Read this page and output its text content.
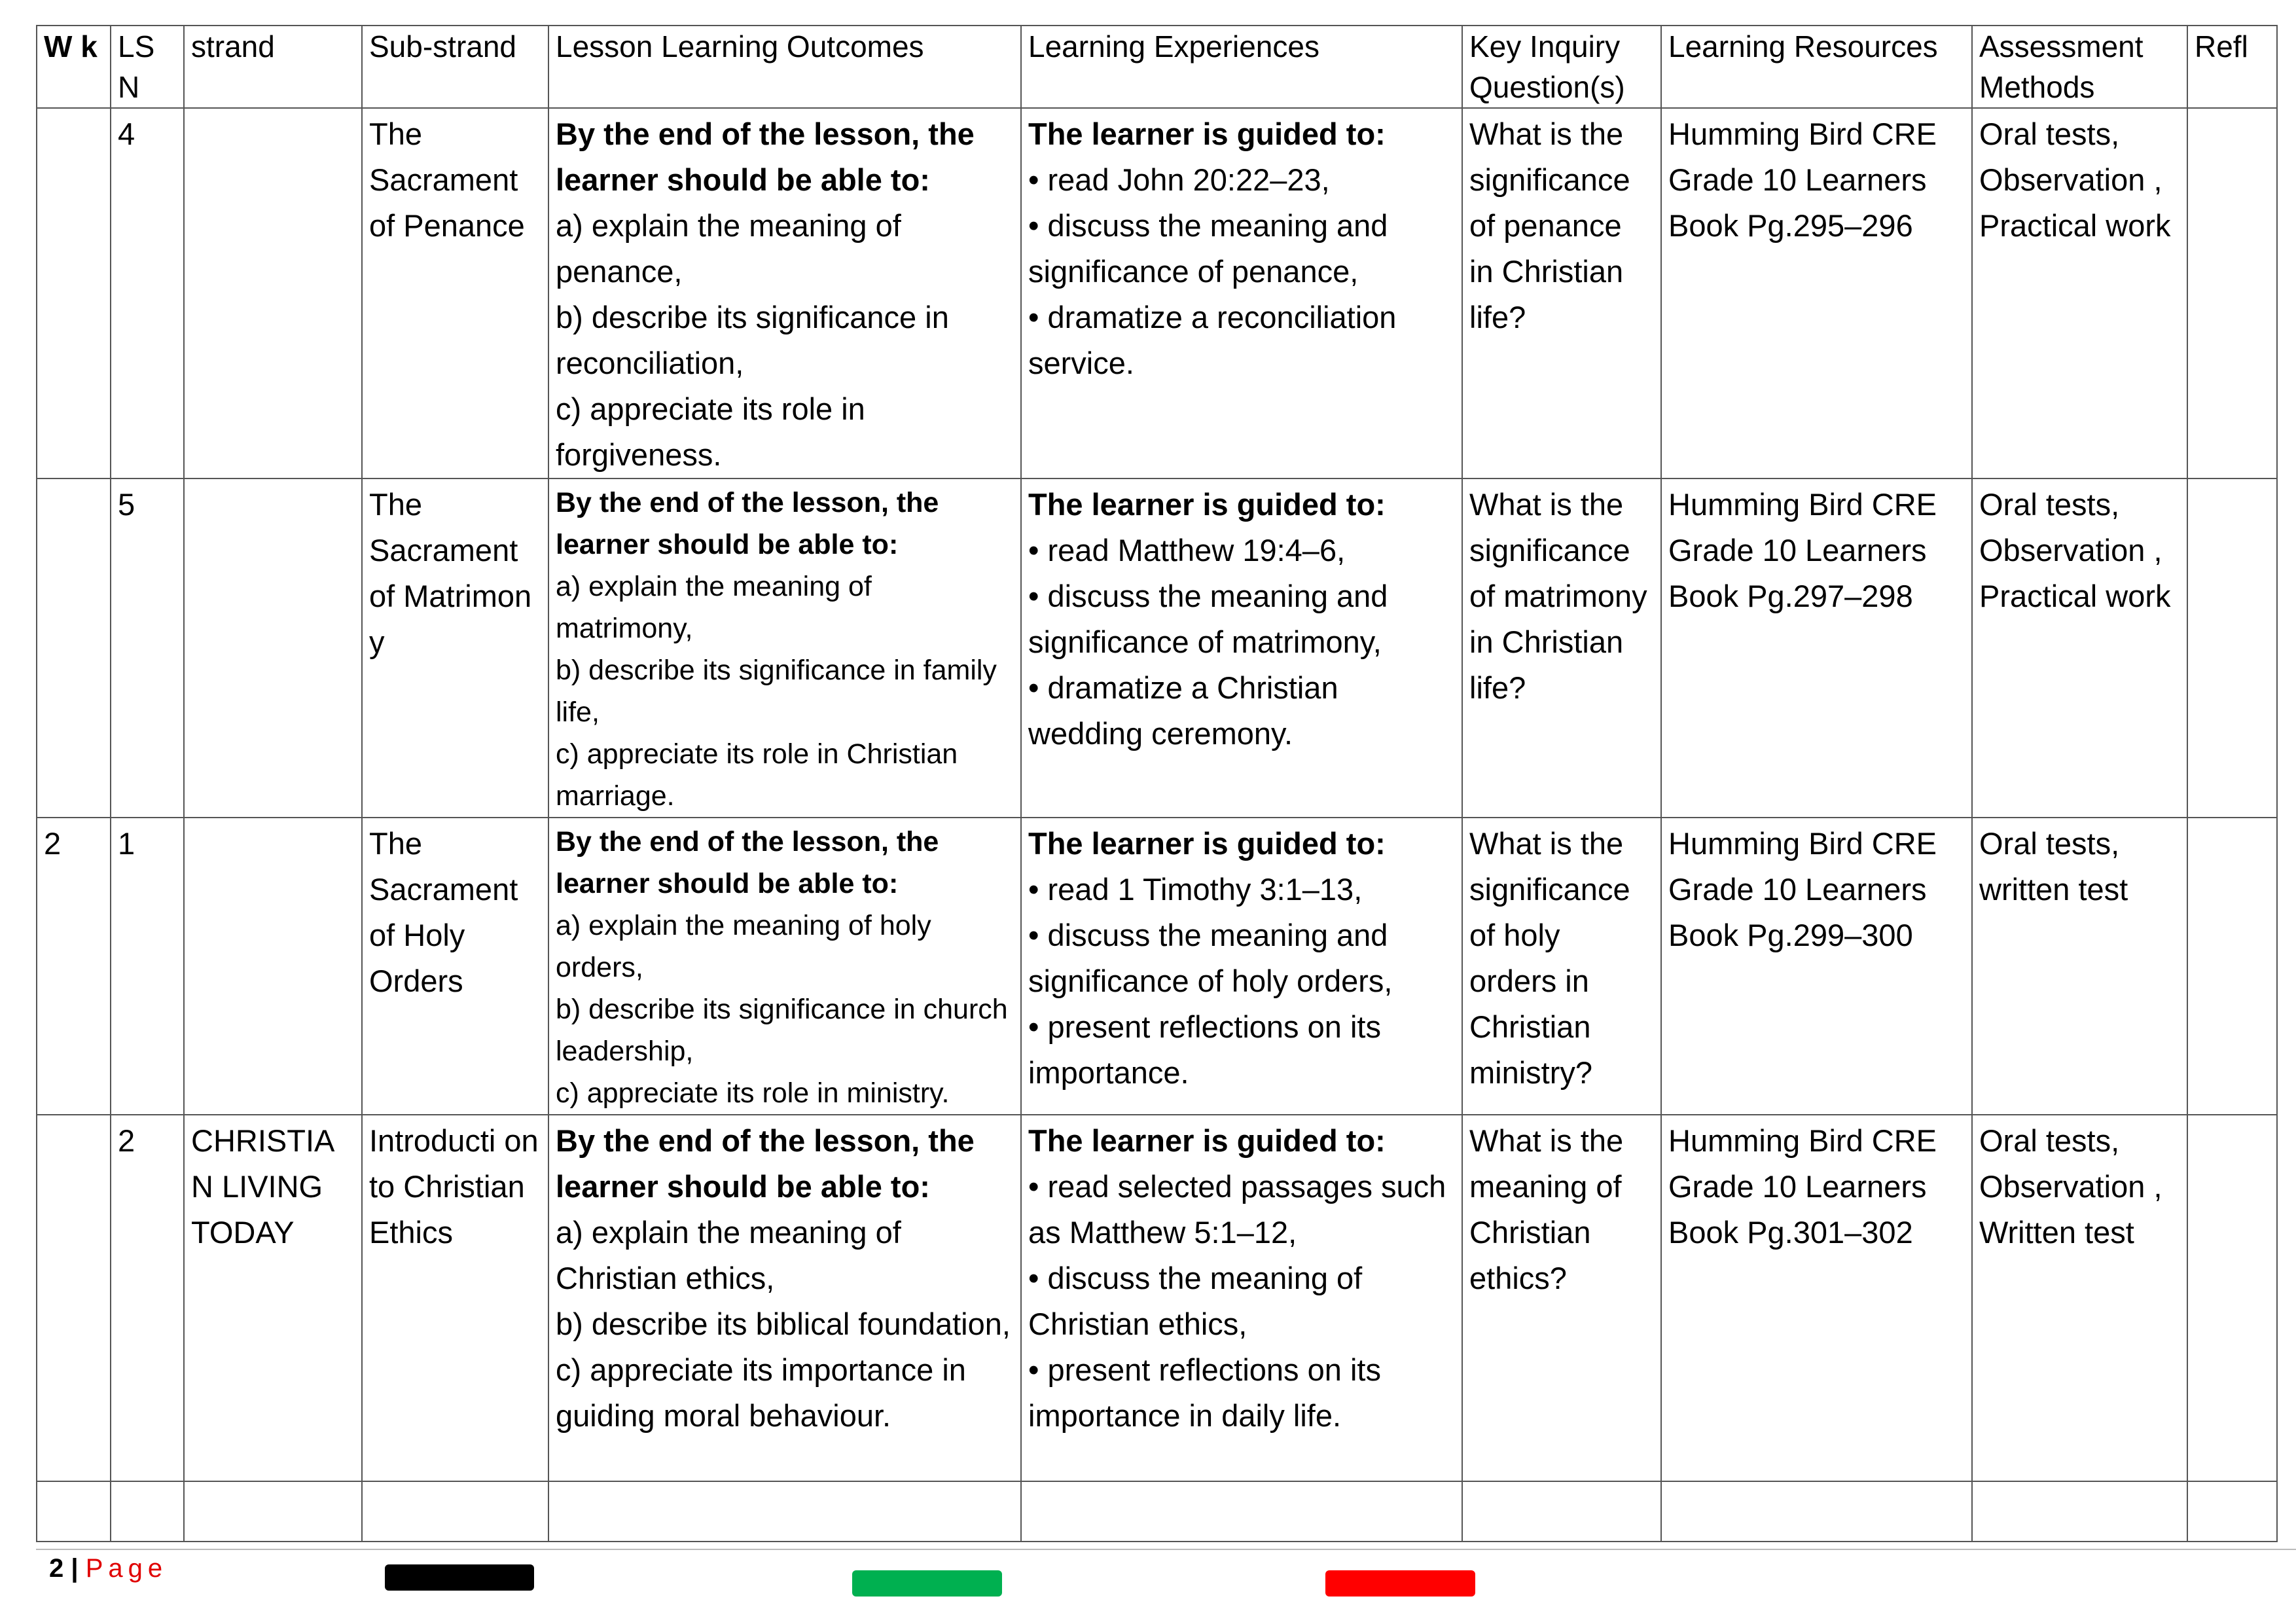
W k	LS N	strand	Sub-strand	Lesson Learning Outcomes	Learning Experiences	Key Inquiry Question(s)	Learning Resources	Assessment Methods	Refl
	4		The Sacrament of Penance	By the end of the lesson, the learner should be able to:
a) explain the meaning of penance,
b) describe its significance in reconciliation,
c) appreciate its role in forgiveness.	The learner is guided to:
• read John 20:22–23,
• discuss the meaning and significance of penance,
• dramatize a reconciliation service.	What is the significance of penance in Christian life?	Humming Bird CRE Grade 10 Learners Book Pg.295–296	Oral tests, Observation , Practical work	
	5		The Sacrament of Matrimon y	By the end of the lesson, the learner should be able to:
a) explain the meaning of matrimony,
b) describe its significance in family life,
c) appreciate its role in Christian marriage.	The learner is guided to:
• read Matthew 19:4–6,
• discuss the meaning and significance of matrimony,
• dramatize a Christian wedding ceremony.	What is the significance of matrimony in Christian life?	Humming Bird CRE Grade 10 Learners Book Pg.297–298	Oral tests, Observation , Practical work	
2	1		The Sacrament of Holy Orders	By the end of the lesson, the learner should be able to:
a) explain the meaning of holy orders,
b) describe its significance in church leadership,
c) appreciate its role in ministry.	The learner is guided to:
• read 1 Timothy 3:1–13,
• discuss the meaning and significance of holy orders,
• present reflections on its importance.	What is the significance of holy orders in Christian ministry?	Humming Bird CRE Grade 10 Learners Book Pg.299–300	Oral tests, written test	
	2	CHRISTIA N LIVING TODAY	Introducti on to Christian Ethics	By the end of the lesson, the learner should be able to:
a) explain the meaning of Christian ethics,
b) describe its biblical foundation,
c) appreciate its importance in guiding moral behaviour.	The learner is guided to:
• read selected passages such as Matthew 5:1–12,
• discuss the meaning of Christian ethics,
• present reflections on its importance in daily life.	What is the meaning of Christian ethics?	Humming Bird CRE Grade 10 Learners Book Pg.301–302	Oral tests, Observation , Written test	

2 | Page
